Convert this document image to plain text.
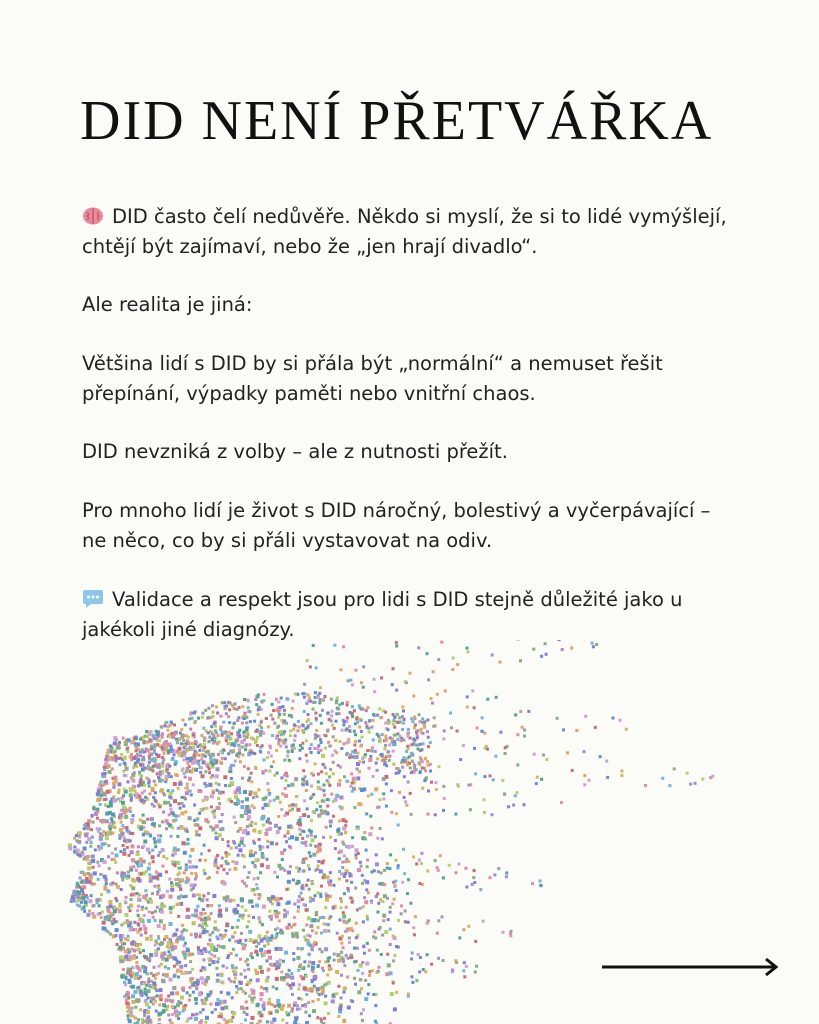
DID NENÍ PŘETVÁŘKA

DID často čelí nedůvěře. Někdo si myslí, že si to lidé vymýšlejí, chtějí být zajímaví, nebo že „jen hrají divadlo“.

Ale realita je jiná:

Většina lidí s DID by si přála být „normální“ a nemuset řešit přepínání, výpadky paměti nebo vnitřní chaos.

DID nevzniká z volby – ale z nutnosti přežít.

Pro mnoho lidí je život s DID náročný, bolestivý a vyčerpávající – ne něco, co by si přáli vystavovat na odiv.

Validace a respekt jsou pro lidi s DID stejně důležité jako u jakékoli jiné diagnózy.
